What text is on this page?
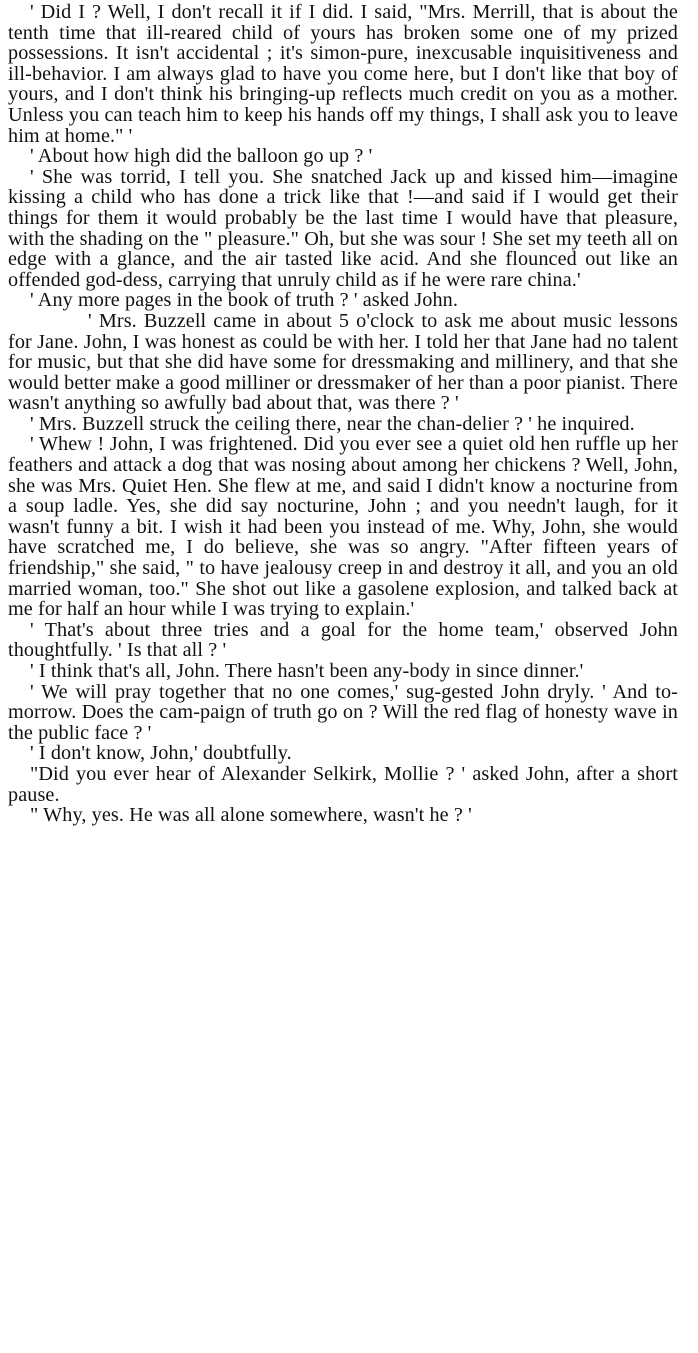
' Did I ? Well, I don't recall it if I did. I said, "Mrs. Merrill, that is about the tenth time that ill-reared child of yours has broken some one of my prized possessions. It isn't accidental ; it's simon-pure, inexcusable inquisitiveness and ill-behavior. I am always glad to have you come here, but I don't like that boy of yours, and I don't think his bringing-up reflects much credit on you as a mother. Unless you can teach him to keep his hands off my things, I shall ask you to leave him at home." '

' About how high did the balloon go up ? '

' She was torrid, I tell you. She snatched Jack up and kissed him—imagine kissing a child who has done a trick like that !—and said if I would get their things for them it would probably be the last time I would have that pleasure, with the shading on the " pleasure." Oh, but she was sour ! She set my teeth all on edge with a glance, and the air tasted like acid. And she flounced out like an offended god-dess, carrying that unruly child as if he were rare china.'

' Any more pages in the book of truth ? ' asked John.

' Mrs. Buzzell came in about 5 o'clock to ask me about music lessons for Jane. John, I was honest as could be with her. I told her that Jane had no talent for music, but that she did have some for dressmaking and millinery, and that she would better make a good milliner or dressmaker of her than a poor pianist. There wasn't anything so awfully bad about that, was there ? '

' Mrs. Buzzell struck the ceiling there, near the chan-delier ? ' he inquired.

' Whew ! John, I was frightened. Did you ever see a quiet old hen ruffle up her feathers and attack a dog that was nosing about among her chickens ? Well, John, she was Mrs. Quiet Hen. She flew at me, and said I didn't know a nocturine from a soup ladle. Yes, she did say nocturine, John ; and you needn't laugh, for it wasn't funny a bit. I wish it had been you instead of me. Why, John, she would have scratched me, I do believe, she was so angry. "After fifteen years of friendship," she said, " to have jealousy creep in and destroy it all, and you an old married woman, too." She shot out like a gasolene explosion, and talked back at me for half an hour while I was trying to explain.'

' That's about three tries and a goal for the home team,' observed John thoughtfully. ' Is that all ? '

' I think that's all, John. There hasn't been any-body in since dinner.'

' We will pray together that no one comes,' sug-gested John dryly. ' And to-morrow. Does the cam-paign of truth go on ? Will the red flag of honesty wave in the public face ? '

' I don't know, John,' doubtfully.

"Did you ever hear of Alexander Selkirk, Mollie ? ' asked John, after a short pause.

" Why, yes. He was all alone somewhere, wasn't he ? '
